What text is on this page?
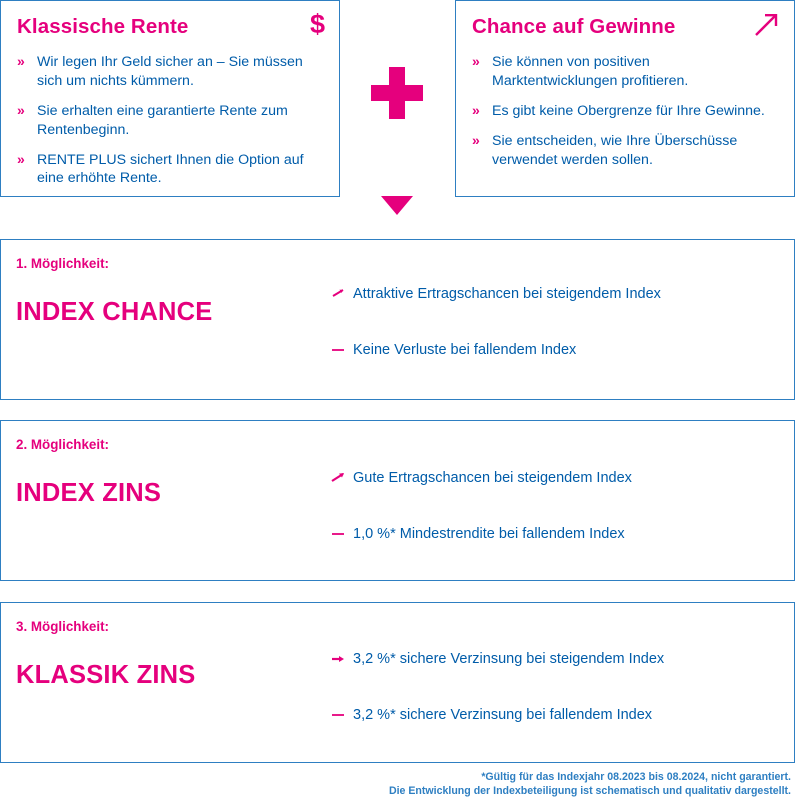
Klassische Rente	$
» Wir legen Ihr Geld sicher an – Sie müssen sich um nichts kümmern.
» Sie erhalten eine garantierte Rente zum Rentenbeginn.
» RENTE PLUS sichert Ihnen die Option auf eine erhöhte Rente.
Chance auf Gewinne
» Sie können von positiven Marktentwicklungen profitieren.
» Es gibt keine Obergrenze für Ihre Gewinne.
» Sie entscheiden, wie Ihre Überschüsse verwendet werden sollen.
1. Möglichkeit:
INDEX CHANCE
Attraktive Ertragschancen bei steigendem Index
Keine Verluste bei fallendem Index
2. Möglichkeit:
INDEX ZINS
Gute Ertragschancen bei steigendem Index
1,0 %* Mindestrendite bei fallendem Index
3. Möglichkeit:
KLASSIK ZINS
3,2 %* sichere Verzinsung bei steigendem Index
3,2 %* sichere Verzinsung bei fallendem Index
*Gültig für das Indexjahr 08.2023 bis 08.2024, nicht garantiert.
Die Entwicklung der Indexbeteiligung ist schematisch und qualitativ dargestellt.
